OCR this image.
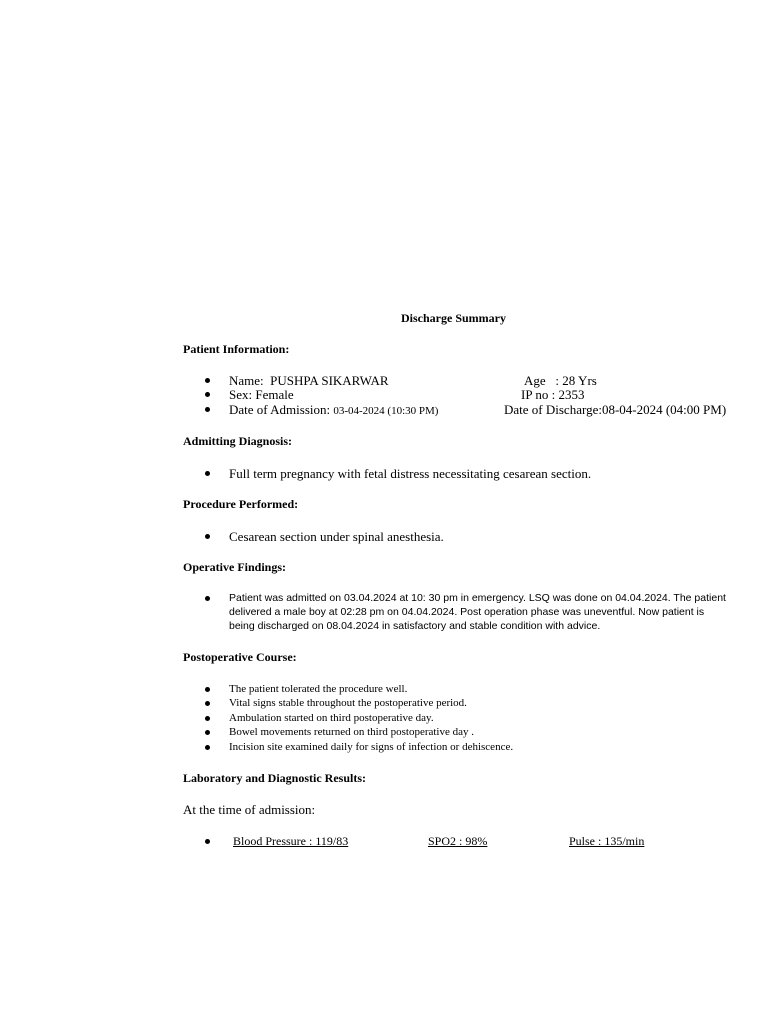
Discharge Summary
Patient Information:
Name: PUSHPA SIKARWAR	Age : 28 Yrs
Sex: Female	IP no : 2353
Date of Admission: 03-04-2024 (10:30 PM)	Date of Discharge:08-04-2024 (04:00 PM)
Admitting Diagnosis:
Full term pregnancy with fetal distress necessitating cesarean section.
Procedure Performed:
Cesarean section under spinal anesthesia.
Operative Findings:
Patient was admitted on 03.04.2024 at 10: 30 pm in emergency. LSQ was done on 04.04.2024. The patient
delivered a male boy at 02:28 pm on 04.04.2024. Post operation phase was uneventful. Now patient is
being discharged on 08.04.2024 in satisfactory and stable condition with advice.
Postoperative Course:
The patient tolerated the procedure well.
Vital signs stable throughout the postoperative period.
Ambulation started on third postoperative day.
Bowel movements returned on third postoperative day .
Incision site examined daily for signs of infection or dehiscence.
Laboratory and Diagnostic Results:
At the time of admission:
Blood Pressure : 119/83	SPO2 : 98%	Pulse : 135/min
